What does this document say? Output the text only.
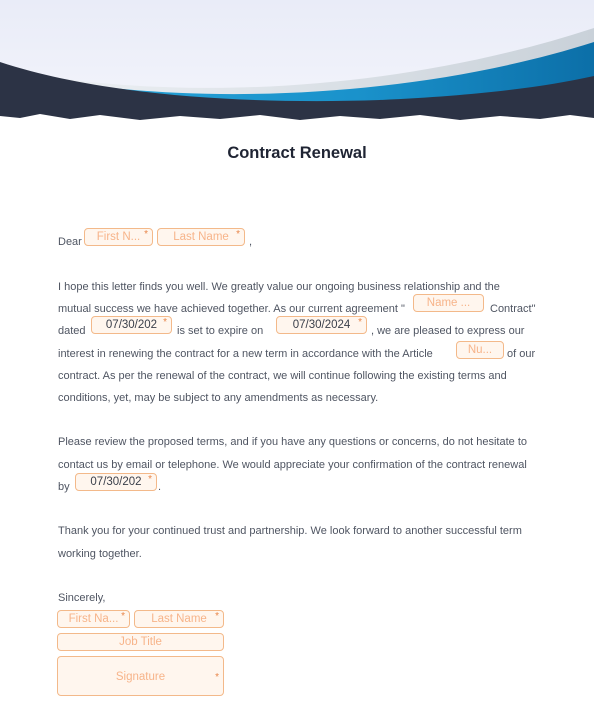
Contract Renewal
Dear	First N... *	Last Name *
,
I hope this letter finds you well. We greatly value our ongoing business relationship and the
mutual success we have achieved together. As our current agreement "	Name ...	Contract"
dated	07/30/202 *
is set to expire on	07/30/2024 *
, we are pleased to express our
interest in renewing the contract for a new term in accordance with the Article	Nu...	of our
contract. As per the renewal of the contract, we will continue following the existing terms and
conditions, yet, may be subject to any amendments as necessary.
Please review the proposed terms, and if you have any questions or concerns, do not hesitate to
contact us by email or telephone. We would appreciate your confirmation of the contract renewal
by	07/30/202 *
.
Thank you for your continued trust and partnership. We look forward to another successful term
working together.
Sincerely,
First Na... *	Last Name *
Job Title
Signature	*
